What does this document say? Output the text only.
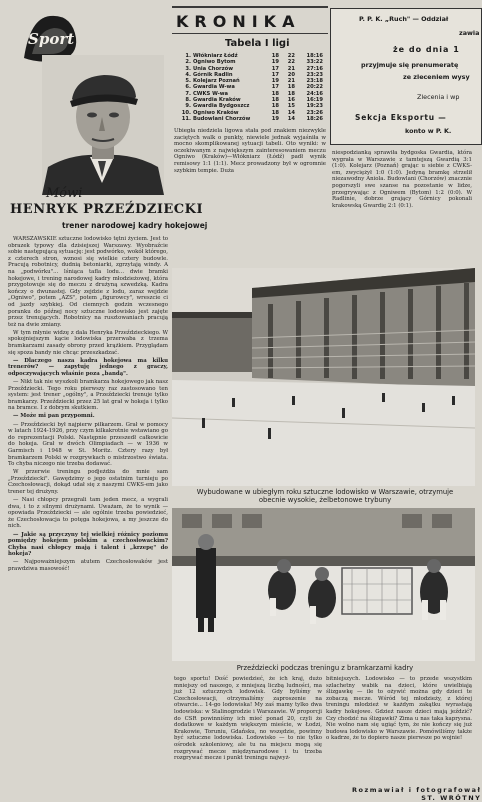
Sport
Mówi
HENRYK PRZEŹDZIECKI
trener narodowej kadry hokejowej

WARSZAWSKIE sztuczne lodowisko tętni życiem. Jest to obrazek typowy dla dzisiejszej Warszawy. Wyobraźcie sobie następującą sytuację: jest podwórko, wokół którego, z czterech stron, wznosi się wielkie cztery budowle. Pracują robotnicy, dudnią betoniarki, zgrzytają windy. A na „podwórku"... lśniąca tafla lodu... dwie bramki hokejowe, i trening narodowej kadry młodzieżowej, która przygotowuje się do meczu z drużyną szwedzką. Kadra kończy o dwunastej. Gdy zejdzie z lodu, zaraz wejdzie „Ogniwo", potem „AZS", potem „figurowcy", wreszcie ci od jazdy szybkiej. Od ciemnych godzin wczesnego poranku do późnej nocy sztuczne lodowisko jest zajęte przez trenujących. Robotnicy na rusztowaniach pracują też na dwie zmiany.

W tym młynie widzę z dala Henryka Przeździeckiego. W spokojniejszym kącie lodowiska przerwaba z trzema bramkarzami zasady obrony przed krążkiem. Przyglądam się spoza bandy nie chcąc przeszkadzać.

— Dlaczego nasza kadra hokejowa ma kilku trenerów? — zapytuję jednego z graczy, odpoczywających właśnie poza „bandą".

— Nikt tak nie wyszkoli bramkarza hokejowego jak nasz Przeździecki. Tego roku pierwszy raz zastosowano ten system: jest trener „ogólny", a Przeździecki trenuje tylko bramkarzy. Przeździecki przez 25 lat grał w hokeja i tylko na bramce. I z dobrym skutkiem.

— Może mi pan przypomni.

— Przeździecki był najpierw piłkarzem. Grał w pomocy w latach 1924-1926, przy czym kilkakrotnie wstawiano go do reprezentacji Polski. Następnie przeszedł całkowicie do hokeja. Grał w dwóch Olimpiadach — w 1936 w Garmisch i 1948 w St. Moritz. Cztery razy był bramkarzem Polski w rozgrywkach o mistrzostwo świata. To chyba niczego nie trzeba dodawać.

W przerwie treningu podjeżdża do mnie sam „Przeździecki". Gawędzimy o jego ostatnim turnieju po Czechosłowacji, dokąd udał się z naszymi CWKS-em jako trener tej drużyny.

— Nasi chłopcy przegrali tam jeden mecz, a wygrali dwa, i to z silnymi drużynami. Uważam, że to wynik — opowiada Przeździecki — ale ogólnie trzeba powiedzieć, że Czechosłowacja to potęga hokejowa, a my jeszcze do nich.

— Jakie są przyczyny tej wielkiej różnicy poziomu pomiędzy hokejem polskim a czechosłowackim? Chyba nasi chłopcy mają i talent i „krzepę" do hokeja?

— Najpoważniejszym atutem Czechosłowaków jest prawdziwa masowość!

KRONIKA
Tabela I ligi
1.	Włókniarz Łódź	18	22	18:16
2.	Ogniwo Bytom	19	22	33:22
3.	Unia Chorzów	17	21	27:16
4.	Górnik Radlin	17	20	23:23
5.	Kolejarz Poznań	19	21	23:18
6.	Gwardia W-wa	17	18	20:22
7.	CWKS W-wa	18	18	24:16
8.	Gwardia Kraków	18	16	16:19
9.	Gwardia Bydgoszcz	18	15	19:23
10.	Ogniwo Kraków	18	14	23:26
11.	Budowlani Chorzów	19	14	18:26
Ubiegła niedziela ligowa stała pod znakiem niezwykle zaciętych walk o punkty, niewiele jednak wyjaśniła w mocno skomplikowanej sytuacji tabeli. Oto wyniki: w oczekiwanym z największym zainteresowaniem meczu Ogniwo (Kraków)—Włókniarz (Łódź) padł wynik remisowy 1:1 (1:1). Mecz prowadzony był w ogromnie szybkim tempie. Duża
niespodzianką sprawiła bydgoska Gwardia, która wygrała w Warszawie z tamtejszą Gwardią 3:1 (1:0). Kolejarz (Poznań) grając u siebie z CWKS-em, zwyciężył 1:0 (1:0). Jedyną bramkę strzelił niezawodny Aniola. Budowlani (Chorzów) znacznie pogorszyli swe szanse na pozostanie w lidze, przegrywając z Ogniwem (Bytom) 1:2 (0:0). W Radlinie, dobrze grający Górnicy pokonali krakowską Gwardię 2:1 (0:1).
P. P. K. „Ruch" — Oddział
zawia
że do dnia 1
przyjmuje się prenumeratę
ze zleceniem wysy
Zlecenia i wp
Sekcja Eksportu —
konto w P. K.
Wybudowane w ubiegłym roku sztuczne lodowisko w Warszawie, otrzymuje obecnie wysokie, żelbetonowe trybuny
Przeździecki podczas treningu z bramkarzami kadry
tego sportu! Dość powiedzieć, że ich kraj, dużo mniejszy od naszego, z mniejszą liczbą ludności, ma już 12 sztucznych lodowisk. Gdy byliśmy w Czechosłowacji, otrzymaliśmy zaproszenie na otwarcie... 14-go lodowiska! My zaś mamy tylko dwa lodowiska: w Stalinogrodzie i Warszawie. W proporcji do CSR powinniśmy ich mieć ponad 20, czyli że dodatkowe w każdym większym mieście, w Łodzi, Krakowie, Toruniu, Gdańsku, no wszędzie, powinny być sztuczne lodowiska. Lodowisko — to nie tylko ośrodek szkoleniowy, ale tu na miejscu mogą się rozgrywać mecze międzynarodowe i tu trzeba rozgrywać mecze i punkt treningu najwyż-
bitniejszych. Lodowisko — to przede wszystkim szlachetny wabik na dzieci, które uwielbiają ślizgawkę — ile to ożywić można gdy dzieci te zobaczą mecze. Wśród tej młodzieży, z której treningu młodzież w każdym zakątku wyrastają kadry hokejowe. Gdzież nasze dzieci mają jeździć? Czy chodzić na ślizgawki? Zima u nas taka kaprysna. Nie wolno nam się ugiąć tym, że nie kończy się już budowa lodowisko w Warszawie. Pomówiliśmy także o kadrze, że to dopiero nasze pierwsze po wojnie!
Rozmawiał i fotografował
ST. WRÓTNY
